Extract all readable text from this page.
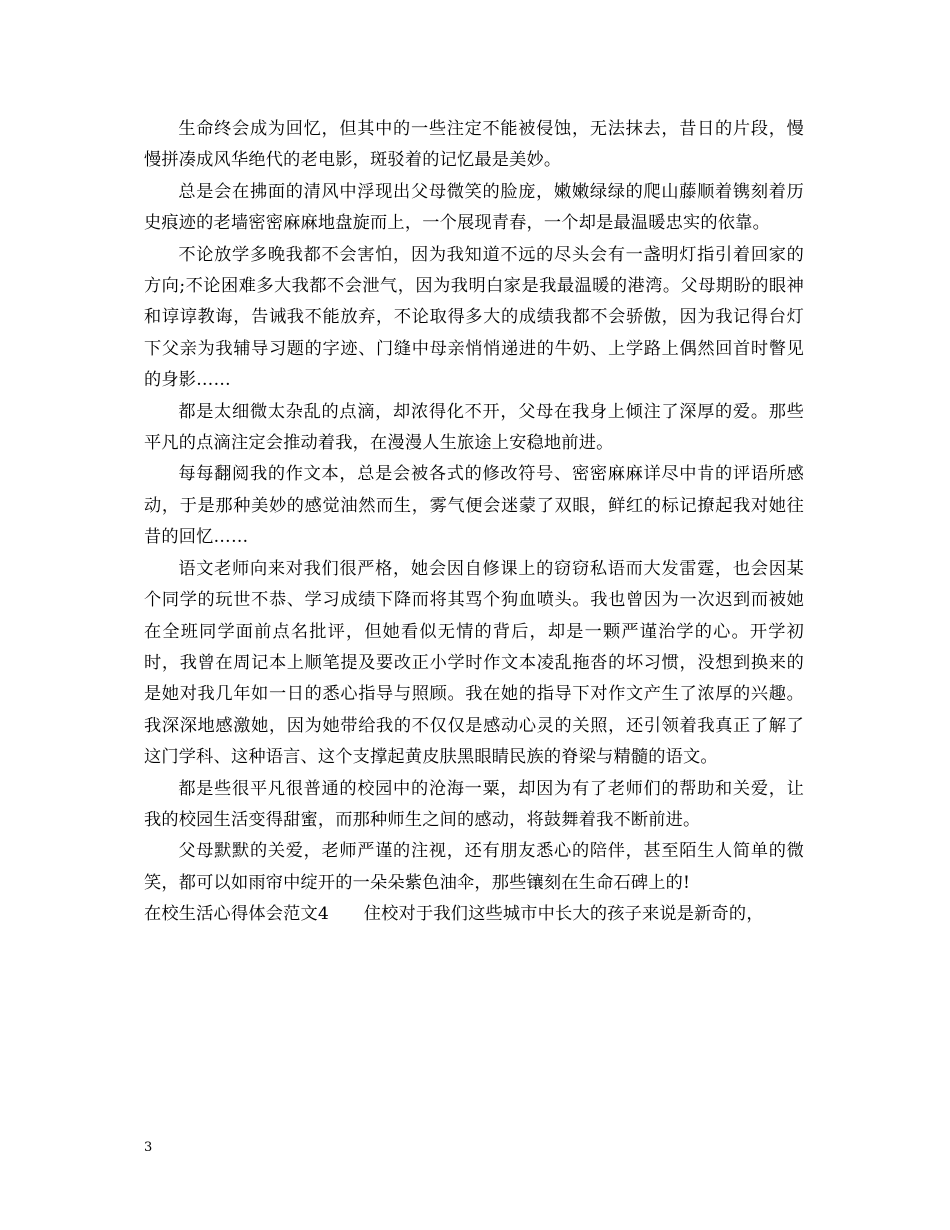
生命终会成为回忆，但其中的一些注定不能被侵蚀，无法抹去，昔日的片段，慢慢拼凑成风华绝代的老电影，斑驳着的记忆最是美妙。

总是会在拂面的清风中浮现出父母微笑的脸庞，嫩嫩绿绿的爬山藤顺着镌刻着历史痕迹的老墙密密麻麻地盘旋而上，一个展现青春，一个却是最温暖忠实的依靠。

不论放学多晚我都不会害怕，因为我知道不远的尽头会有一盏明灯指引着回家的方向;不论困难多大我都不会泄气，因为我明白家是我最温暖的港湾。父母期盼的眼神和谆谆教诲，告诫我不能放弃，不论取得多大的成绩我都不会骄傲，因为我记得台灯下父亲为我辅导习题的字迹、门缝中母亲悄悄递进的牛奶、上学路上偶然回首时瞥见的身影……

都是太细微太杂乱的点滴，却浓得化不开，父母在我身上倾注了深厚的爱。那些平凡的点滴注定会推动着我，在漫漫人生旅途上安稳地前进。

每每翻阅我的作文本，总是会被各式的修改符号、密密麻麻详尽中肯的评语所感动，于是那种美妙的感觉油然而生，雾气便会迷蒙了双眼，鲜红的标记撩起我对她往昔的回忆……

语文老师向来对我们很严格，她会因自修课上的窃窃私语而大发雷霆，也会因某个同学的玩世不恭、学习成绩下降而将其骂个狗血喷头。我也曾因为一次迟到而被她在全班同学面前点名批评，但她看似无情的背后，却是一颗严谨治学的心。开学初时，我曾在周记本上顺笔提及要改正小学时作文本凌乱拖沓的坏习惯，没想到换来的是她对我几年如一日的悉心指导与照顾。我在她的指导下对作文产生了浓厚的兴趣。我深深地感激她，因为她带给我的不仅仅是感动心灵的关照，还引领着我真正了解了这门学科、这种语言、这个支撑起黄皮肤黑眼睛民族的脊梁与精髓的语文。

都是些很平凡很普通的校园中的沧海一粟，却因为有了老师们的帮助和关爱，让我的校园生活变得甜蜜，而那种师生之间的感动，将鼓舞着我不断前进。

父母默默的关爱，老师严谨的注视，还有朋友悉心的陪伴，甚至陌生人简单的微笑，都可以如雨帘中绽开的一朵朵紫色油伞，那些镶刻在生命石碑上的!

在校生活心得体会范文4　　住校对于我们这些城市中长大的孩子来说是新奇的，

3
